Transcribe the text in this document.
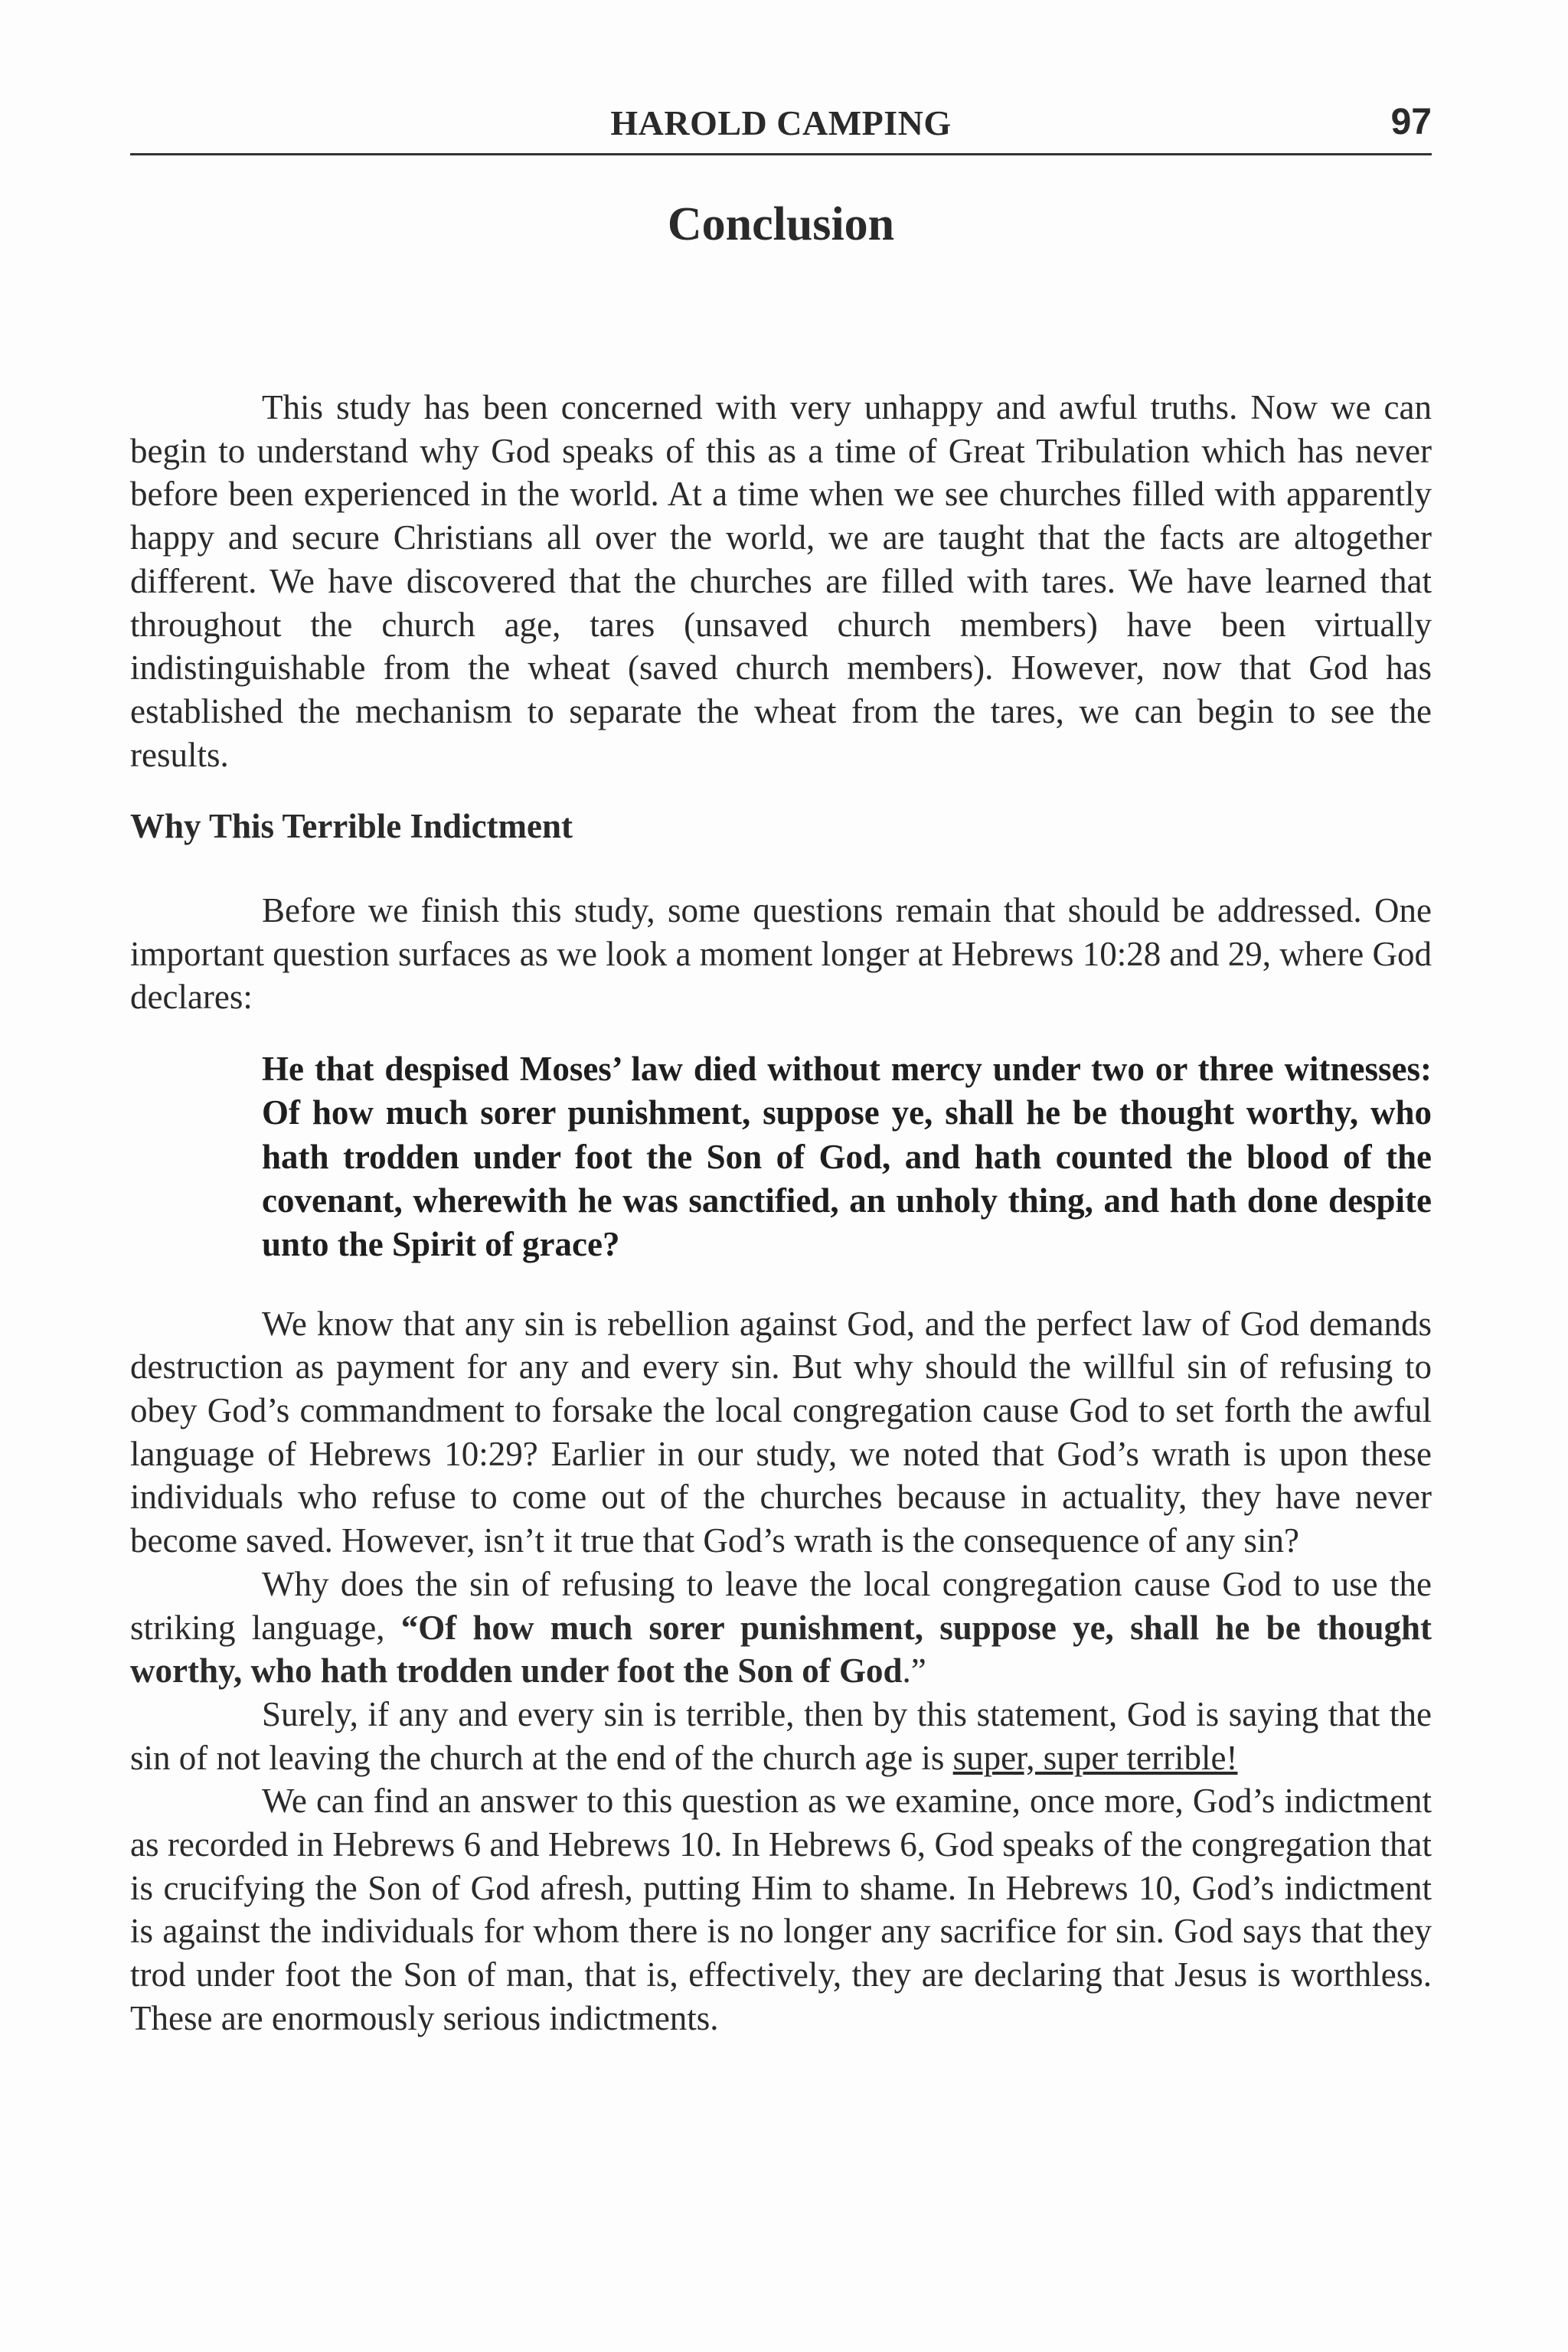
HAROLD CAMPING	97
Conclusion

This study has been concerned with very unhappy and awful truths. Now we can begin to understand why God speaks of this as a time of Great Tribulation which has never before been experienced in the world. At a time when we see churches filled with apparently happy and secure Christians all over the world, we are taught that the facts are altogether different. We have discovered that the churches are filled with tares. We have learned that throughout the church age, tares (unsaved church members) have been virtually indistinguishable from the wheat (saved church members). However, now that God has established the mechanism to separate the wheat from the tares, we can begin to see the results.

Why This Terrible Indictment

Before we finish this study, some questions remain that should be addressed. One important question surfaces as we look a moment longer at Hebrews 10:28 and 29, where God declares:

He that despised Moses’ law died without mercy under two or three witnesses: Of how much sorer punishment, suppose ye, shall he be thought worthy, who hath trodden under foot the Son of God, and hath counted the blood of the covenant, wherewith he was sanctified, an unholy thing, and hath done despite unto the Spirit of grace?

We know that any sin is rebellion against God, and the perfect law of God demands destruction as payment for any and every sin. But why should the willful sin of refusing to obey God’s commandment to forsake the local congregation cause God to set forth the awful language of Hebrews 10:29? Earlier in our study, we noted that God’s wrath is upon these individuals who refuse to come out of the churches because in actuality, they have never become saved. However, isn’t it true that God’s wrath is the consequence of any sin?

Why does the sin of refusing to leave the local congregation cause God to use the striking language, “Of how much sorer punishment, suppose ye, shall he be thought worthy, who hath trodden under foot the Son of God.”

Surely, if any and every sin is terrible, then by this statement, God is saying that the sin of not leaving the church at the end of the church age is super, super terrible!

We can find an answer to this question as we examine, once more, God’s indictment as recorded in Hebrews 6 and Hebrews 10. In Hebrews 6, God speaks of the congregation that is crucifying the Son of God afresh, putting Him to shame. In Hebrews 10, God’s indictment is against the individuals for whom there is no longer any sacrifice for sin. God says that they trod under foot the Son of man, that is, effectively, they are declaring that Jesus is worthless. These are enormously serious indictments.
